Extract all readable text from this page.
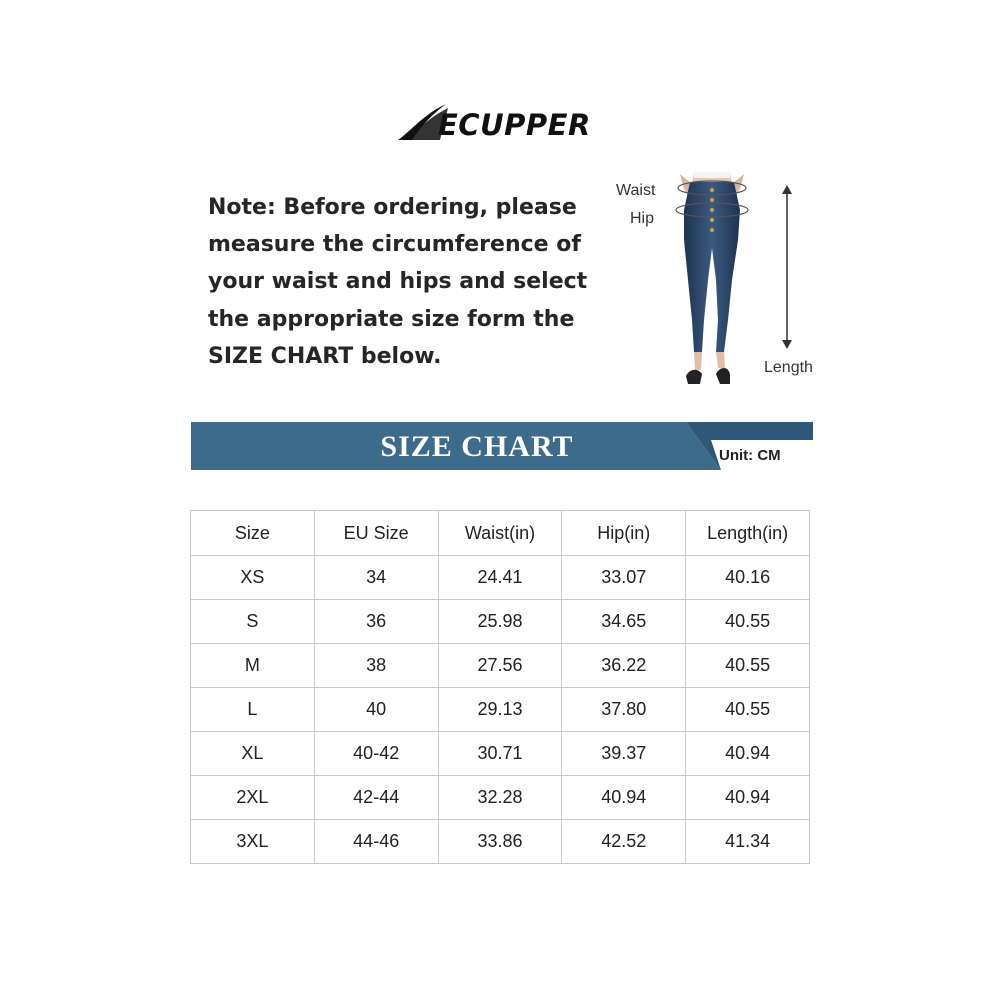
ECUPPER
Note: Before ordering, please
measure the circumference of
your waist and hips and select
the appropriate size form the
SIZE CHART below.
Waist
Hip
Length
SIZE CHART	Unit: CM
Size	EU Size	Waist(in)	Hip(in)	Length(in)
XS	34	24.41	33.07	40.16
S	36	25.98	34.65	40.55
M	38	27.56	36.22	40.55
L	40	29.13	37.80	40.55
XL	40-42	30.71	39.37	40.94
2XL	42-44	32.28	40.94	40.94
3XL	44-46	33.86	42.52	41.34
